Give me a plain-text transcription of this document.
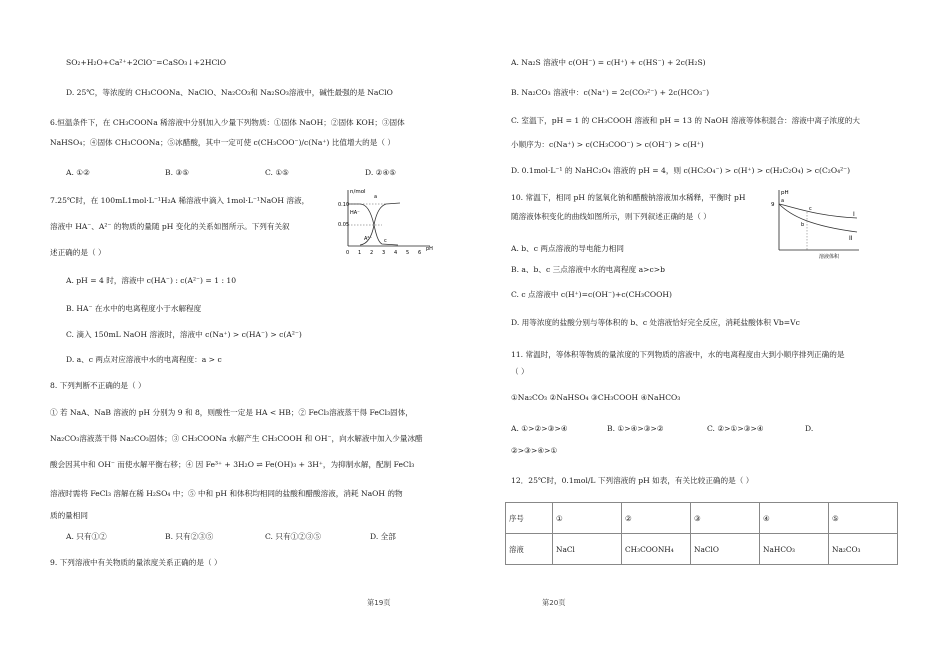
SO₂+H₂O+Ca²⁺+2ClO⁻=CaSO₃↓+2HClO
D. 25℃，等浓度的 CH₃COONa、NaClO、Na₂CO₃和 Na₂SO₃溶液中，碱性最强的是 NaClO
6.恒温条件下，在 CH₃COONa 稀溶液中分别加入少量下列物质：①固体 NaOH；②固体 KOH；③固体
NaHSO₄；④固体 CH₃COONa；⑤冰醋酸，其中一定可使 c(CH₃COO⁻)/c(Na⁺) 比值增大的是（ ）
A. ①②	B. ③⑤	C. ①⑤	D. ②④⑤
7.25℃时，在 100mL1mol·L⁻¹H₂A 稀溶液中滴入 1mol·L⁻¹NaOH 溶液，
溶液中 HA⁻、A²⁻ 的物质的量随 pH 变化的关系如图所示。下列有关叙
述正确的是（ ）
A. pH = 4 时，溶液中 c(HA⁻) : c(A²⁻) = 1 : 10
B. HA⁻ 在水中的电离程度小于水解程度
C. 滴入 150mL NaOH 溶液时，溶液中 c(Na⁺) > c(HA⁻) > c(A²⁻)
D. a、c 两点对应溶液中水的电离程度：a > c
n/mol
0.10
0.05
HA⁻
A²⁻
a
c
0 1 2 3 4 5 6
pH
8. 下列判断不正确的是（ ）
① 若 NaA、NaB 溶液的 pH 分别为 9 和 8，则酸性一定是 HA < HB；② FeCl₃溶液蒸干得 FeCl₃固体，
Na₂CO₃溶液蒸干得 Na₂CO₃固体；③ CH₃COONa 水解产生 CH₃COOH 和 OH⁻，向水解液中加入少量冰醋
酸会因其中和 OH⁻ 而使水解平衡右移；④ 因 Fe³⁺ + 3H₂O ⇌ Fe(OH)₃ + 3H⁺，为抑制水解，配制 FeCl₃
溶液时需将 FeCl₃ 溶解在稀 H₂SO₄ 中；⑤ 中和 pH 和体积均相同的盐酸和醋酸溶液，消耗 NaOH 的物
质的量相同
A. 只有①②	B. 只有②③⑤	C. 只有①②③⑤	D. 全部
9. 下列溶液中有关物质的量浓度关系正确的是（ ）
第19页
A. Na₂S 溶液中 c(OH⁻) = c(H⁺) + c(HS⁻) + 2c(H₂S)
B. Na₂CO₃ 溶液中：c(Na⁺) = 2c(CO₃²⁻) + 2c(HCO₃⁻)
C. 室温下，pH = 1 的 CH₃COOH 溶液和 pH = 13 的 NaOH 溶液等体积混合：溶液中离子浓度的大
小顺序为：c(Na⁺) > c(CH₃COO⁻) > c(OH⁻) > c(H⁺)
D. 0.1mol·L⁻¹ 的 NaHC₂O₄ 溶液的 pH = 4，则 c(HC₂O₄⁻) > c(H⁺) > c(H₂C₂O₄) > c(C₂O₄²⁻)
10. 常温下，相同 pH 的氢氧化钠和醋酸钠溶液加水稀释，平衡时 pH
随溶液体积变化的曲线如图所示，则下列叙述正确的是（ ）
A. b、c 两点溶液的导电能力相同
B. a、b、c 三点溶液中水的电离程度 a>c>b
C. c 点溶液中 c(H⁺)=c(OH⁻)+c(CH₃COOH)
D. 用等浓度的盐酸分别与等体积的 b、c 处溶液恰好完全反应，消耗盐酸体积 Vb=Vc
pH
9
a
b
c
I
II
溶液体积
11. 常温时，等体积等物质的量浓度的下列物质的溶液中，水的电离程度由大到小顺序排列正确的是
（ ）
①Na₂CO₃ ②NaHSO₄ ③CH₃COOH ④NaHCO₃
A. ①>②>③>④	B. ①>④>③>②	C. ②>①>③>④	D.
②>③>④>①
12．25℃时，0.1mol/L 下列溶液的 pH 如表，有关比较正确的是（ ）
序号	①	②	③	④	⑤
溶液	NaCl	CH₃COONH₄	NaClO	NaHCO₃	Na₂CO₃
第20页
